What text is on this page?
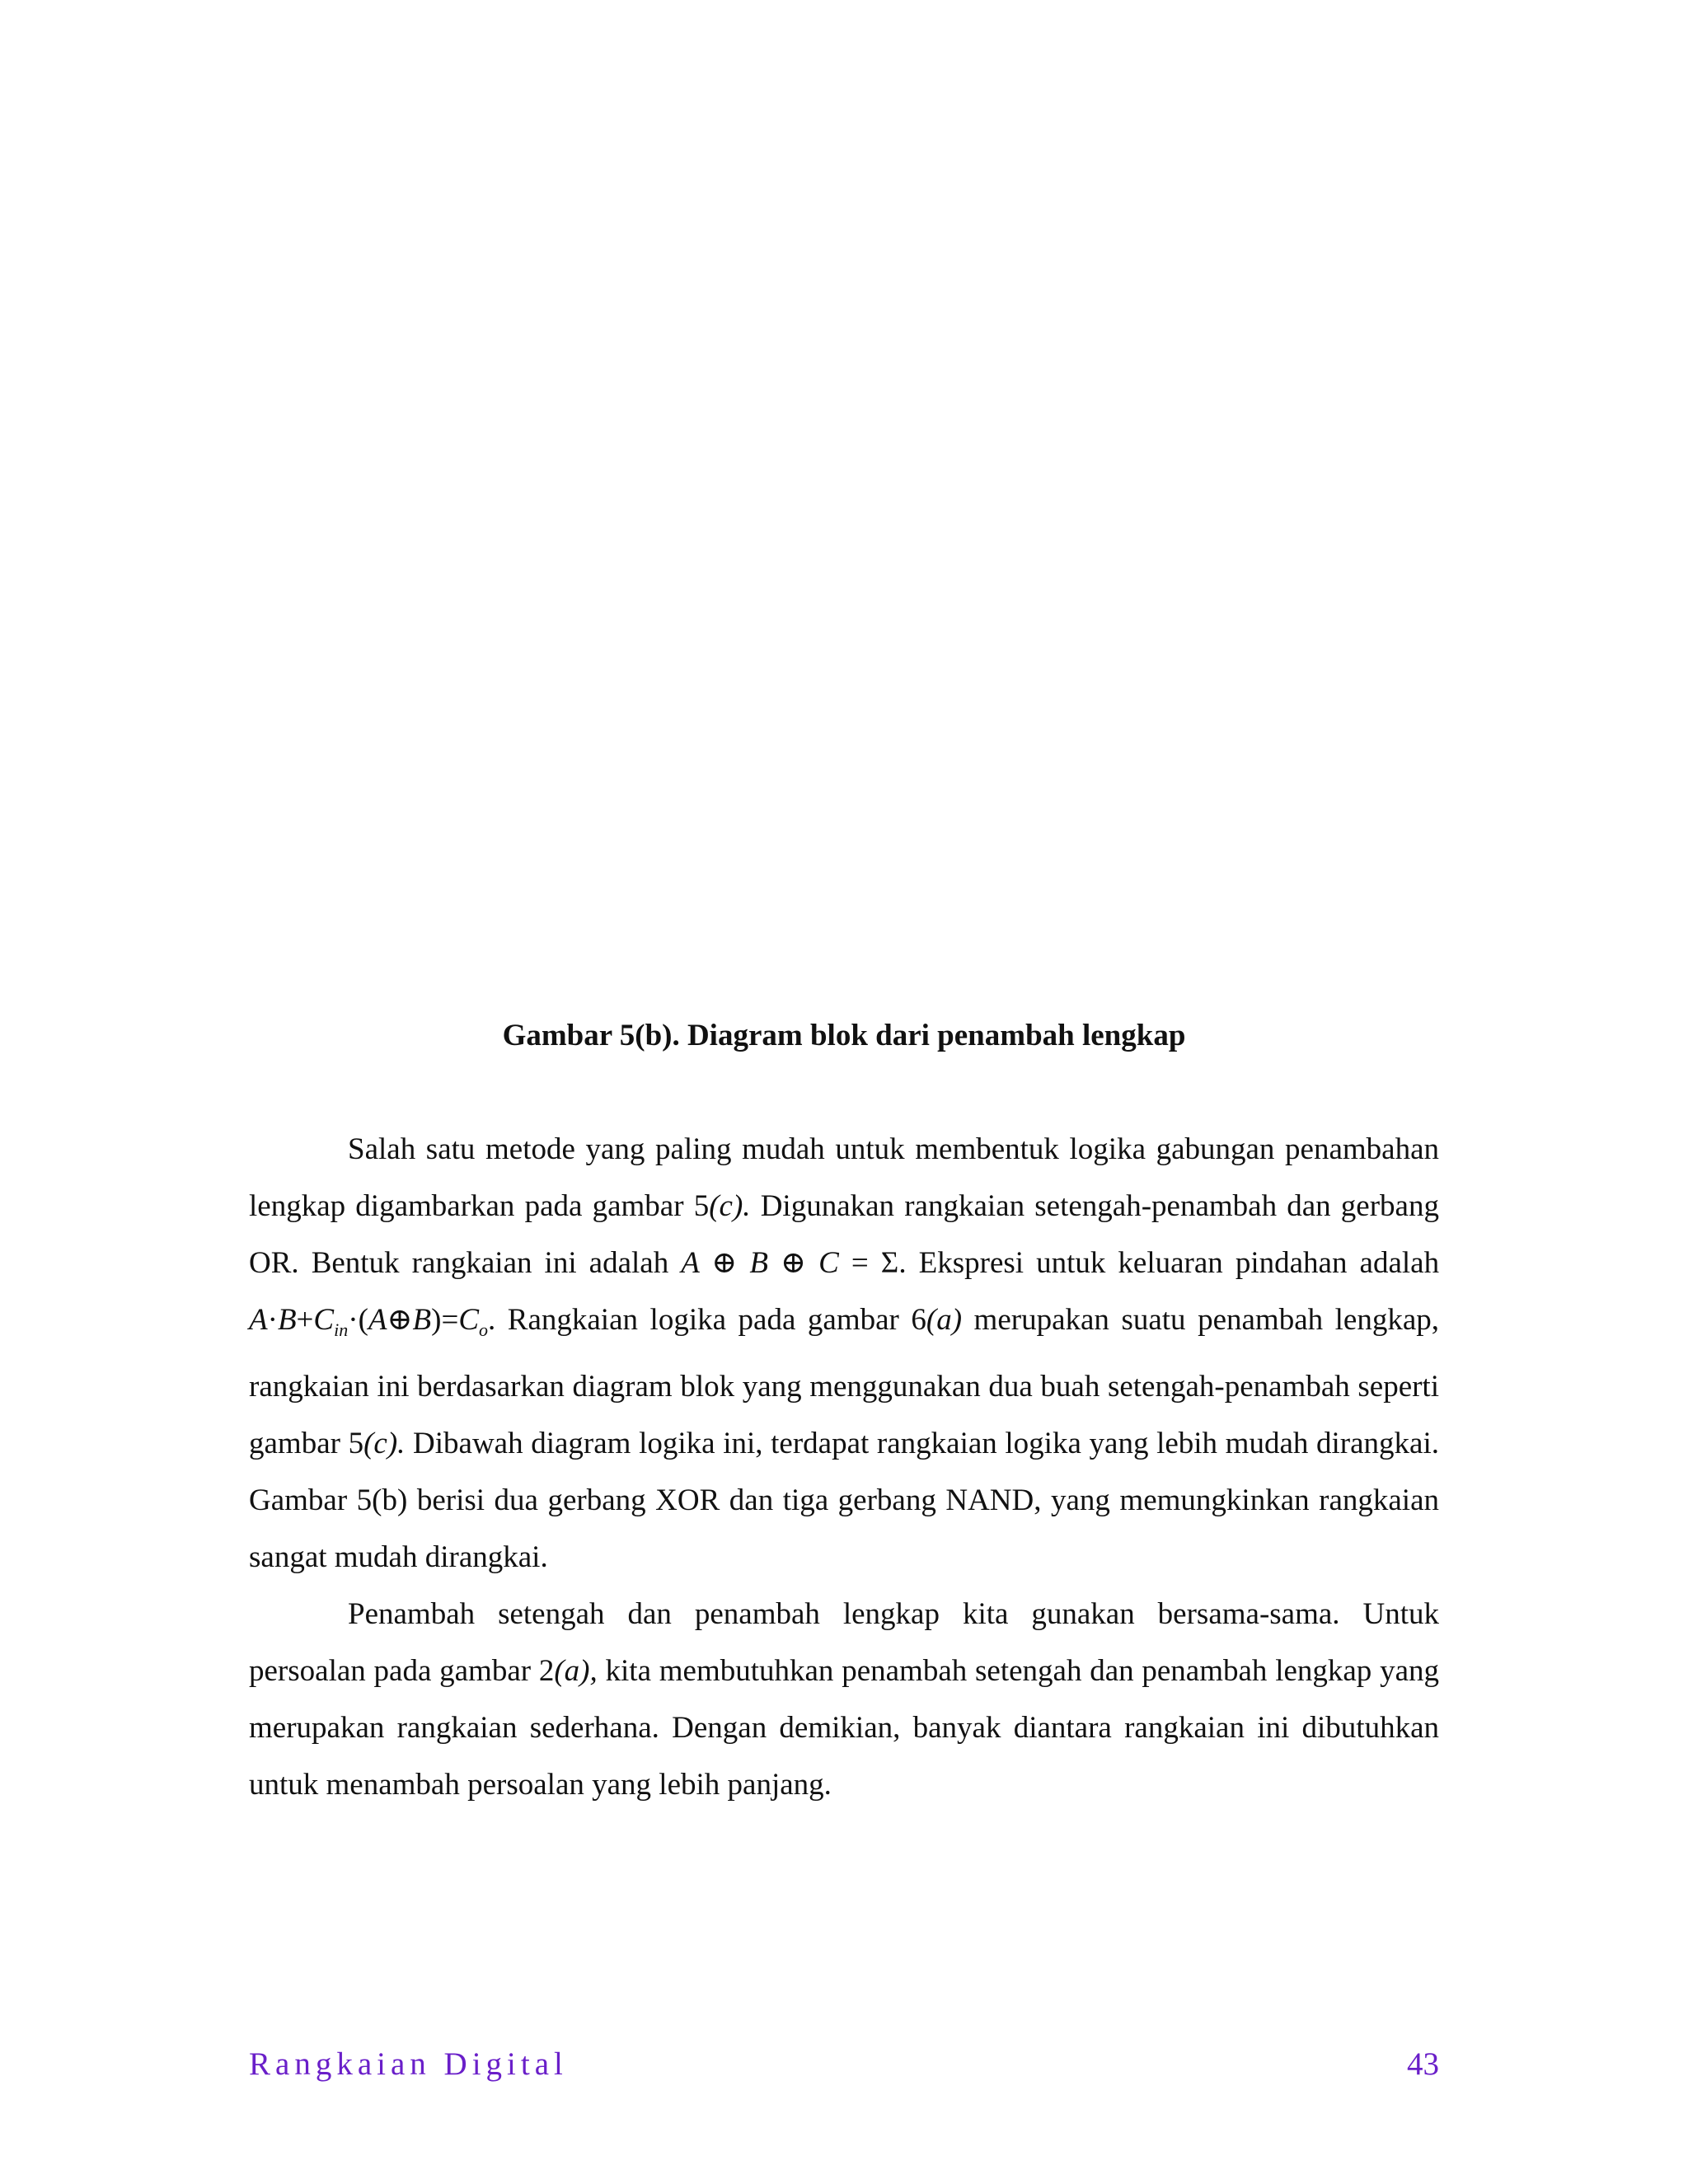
Gambar 5(b). Diagram blok dari penambah lengkap

Salah satu metode yang paling mudah untuk membentuk logika gabungan penambahan lengkap digambarkan pada gambar 5(c). Digunakan rangkaian setengah-penambah dan gerbang OR. Bentuk rangkaian ini adalah A ⊕ B ⊕ C = Σ. Ekspresi untuk keluaran pindahan adalah $A\cdot B+C_{in}\cdot(A\oplus B)=C_o$. Rangkaian logika pada gambar 6(a) merupakan suatu penambah lengkap, rangkaian ini berdasarkan diagram blok yang menggunakan dua buah setengah-penambah seperti gambar 5(c). Dibawah diagram logika ini, terdapat rangkaian logika yang lebih mudah dirangkai. Gambar 5(b) berisi dua gerbang XOR dan tiga gerbang NAND, yang memungkinkan rangkaian sangat mudah dirangkai.

Penambah setengah dan penambah lengkap kita gunakan bersama-sama. Untuk persoalan pada gambar 2(a), kita membutuhkan penambah setengah dan penambah lengkap yang merupakan rangkaian sederhana. Dengan demikian, banyak diantara rangkaian ini dibutuhkan untuk menambah persoalan yang lebih panjang.

Rangkaian Digital	43
